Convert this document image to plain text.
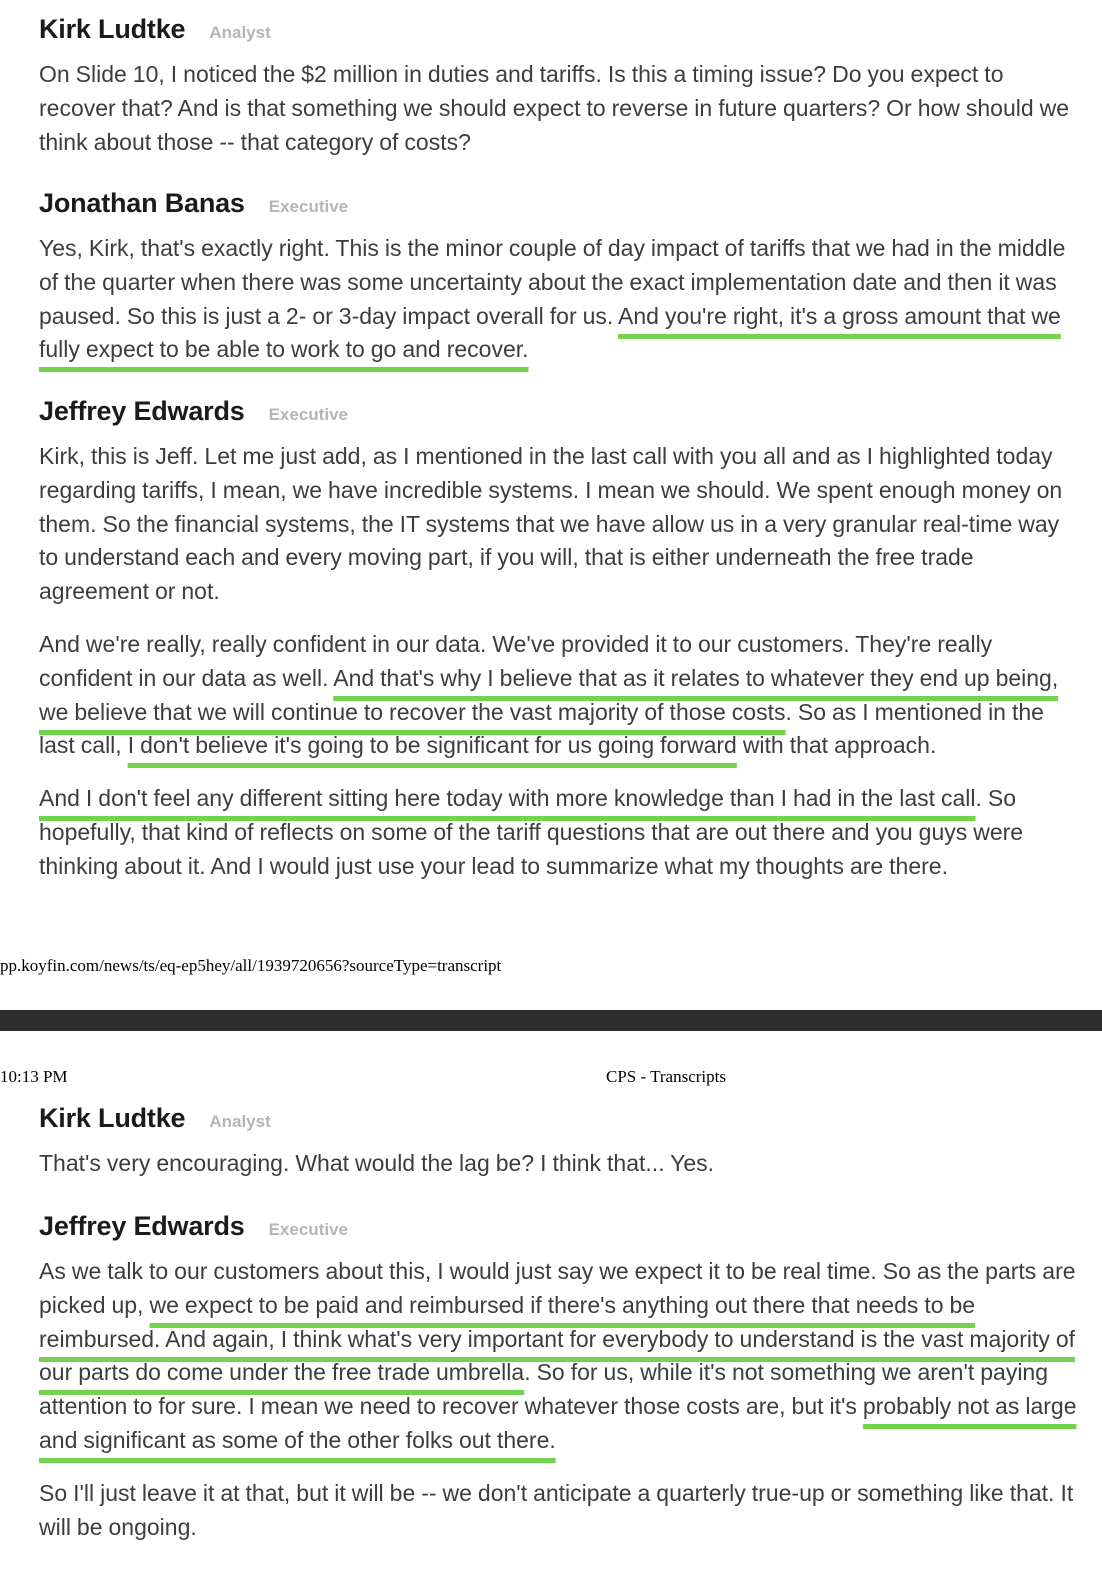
Kirk Ludtke Analyst

On Slide 10, I noticed the $2 million in duties and tariffs. Is this a timing issue? Do you expect to recover that? And is that something we should expect to reverse in future quarters? Or how should we think about those -- that category of costs?

Jonathan Banas Executive

Yes, Kirk, that's exactly right. This is the minor couple of day impact of tariffs that we had in the middle of the quarter when there was some uncertainty about the exact implementation date and then it was paused. So this is just a 2- or 3-day impact overall for us. And you're right, it's a gross amount that we fully expect to be able to work to go and recover.

Jeffrey Edwards Executive

Kirk, this is Jeff. Let me just add, as I mentioned in the last call with you all and as I highlighted today regarding tariffs, I mean, we have incredible systems. I mean we should. We spent enough money on them. So the financial systems, the IT systems that we have allow us in a very granular real-time way to understand each and every moving part, if you will, that is either underneath the free trade agreement or not.

And we're really, really confident in our data. We've provided it to our customers. They're really confident in our data as well. And that's why I believe that as it relates to whatever they end up being, we believe that we will continue to recover the vast majority of those costs. So as I mentioned in the last call, I don't believe it's going to be significant for us going forward with that approach.

And I don't feel any different sitting here today with more knowledge than I had in the last call. So hopefully, that kind of reflects on some of the tariff questions that are out there and you guys were thinking about it. And I would just use your lead to summarize what my thoughts are there.

pp.koyfin.com/news/ts/eq-ep5hey/all/1939720656?sourceType=transcript
10:13 PM	CPS - Transcripts
Kirk Ludtke Analyst

That's very encouraging. What would the lag be? I think that... Yes.

Jeffrey Edwards Executive

As we talk to our customers about this, I would just say we expect it to be real time. So as the parts are picked up, we expect to be paid and reimbursed if there's anything out there that needs to be reimbursed. And again, I think what's very important for everybody to understand is the vast majority of our parts do come under the free trade umbrella. So for us, while it's not something we aren't paying attention to for sure. I mean we need to recover whatever those costs are, but it's probably not as large and significant as some of the other folks out there.

So I'll just leave it at that, but it will be -- we don't anticipate a quarterly true-up or something like that. It will be ongoing.
